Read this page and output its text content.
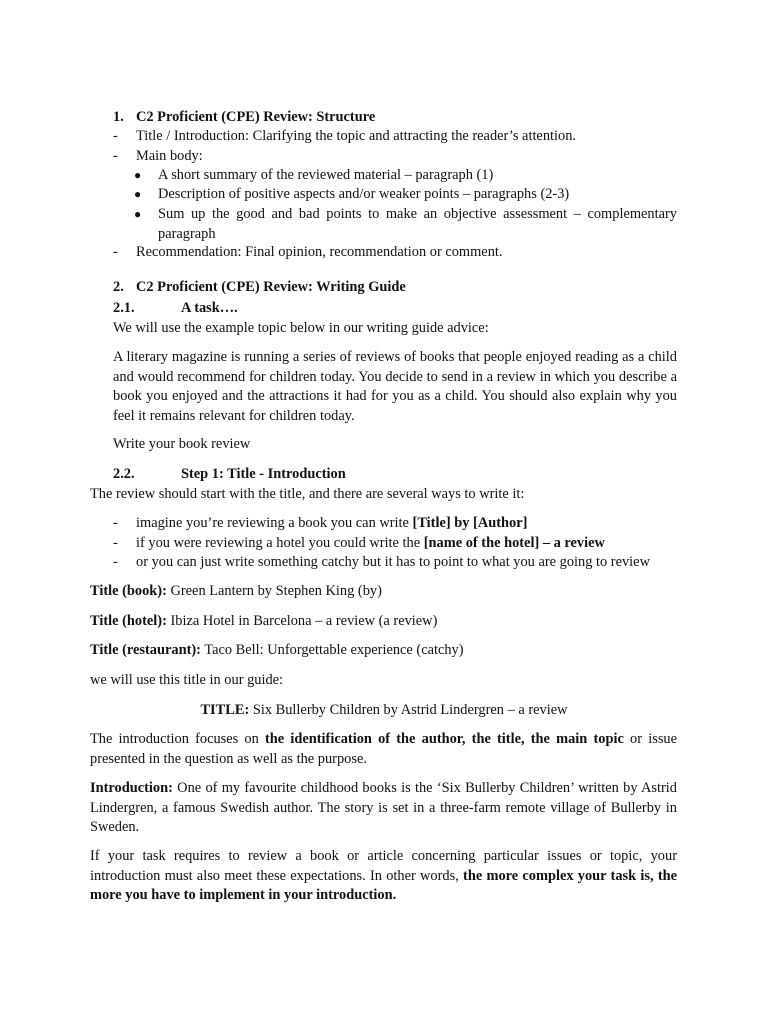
1. C2 Proficient (CPE) Review: Structure
- Title / Introduction: Clarifying the topic and attracting the reader’s attention.
- Main body:
● A short summary of the reviewed material – paragraph (1)
● Description of positive aspects and/or weaker points – paragraphs (2-3)
● Sum up the good and bad points to make an objective assessment – complementary paragraph
- Recommendation: Final opinion, recommendation or comment.
2. C2 Proficient (CPE) Review: Writing Guide
2.1.	A task….
We will use the example topic below in our writing guide advice:
A literary magazine is running a series of reviews of books that people enjoyed reading as a child and would recommend for children today. You decide to send in a review in which you describe a book you enjoyed and the attractions it had for you as a child. You should also explain why you feel it remains relevant for children today.
Write your book review
2.2.	Step 1: Title - Introduction
The review should start with the title, and there are several ways to write it:
- imagine you’re reviewing a book you can write [Title] by [Author]
- if you were reviewing a hotel you could write the [name of the hotel] – a review
- or you can just write something catchy but it has to point to what you are going to review
Title (book): Green Lantern by Stephen King (by)
Title (hotel): Ibiza Hotel in Barcelona – a review (a review)
Title (restaurant): Taco Bell: Unforgettable experience (catchy)
we will use this title in our guide:
TITLE: Six Bullerby Children by Astrid Lindergren – a review
The introduction focuses on the identification of the author, the title, the main topic or issue presented in the question as well as the purpose.
Introduction: One of my favourite childhood books is the ‘Six Bullerby Children’ written by Astrid Lindergren, a famous Swedish author. The story is set in a three-farm remote village of Bullerby in Sweden.
If your task requires to review a book or article concerning particular issues or topic, your introduction must also meet these expectations. In other words, the more complex your task is, the more you have to implement in your introduction.
